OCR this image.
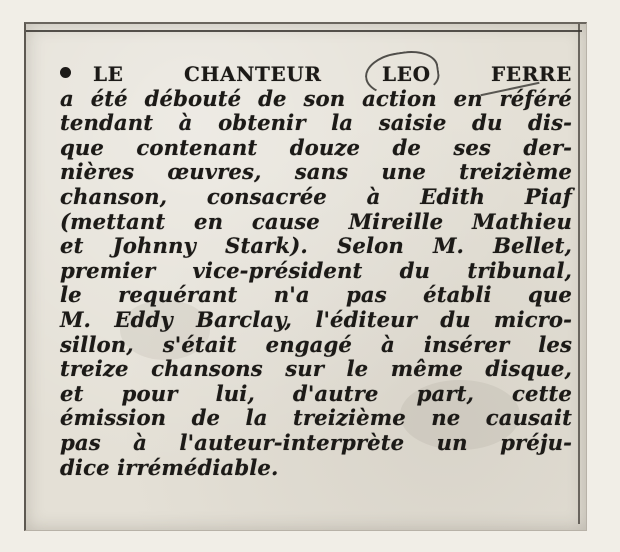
LE CHANTEUR LEO FERRE
a été débouté de son action en référé
tendant à obtenir la saisie du dis-
que contenant douze de ses der-
nières œuvres, sans une treizième
chanson, consacrée à Edith Piaf
(mettant en cause Mireille Mathieu
et Johnny Stark). Selon M. Bellet,
premier vice-président du tribunal,
le requérant n'a pas établi que
M. Eddy Barclay, l'éditeur du micro-
sillon, s'était engagé à insérer les
treize chansons sur le même disque,
et pour lui, d'autre part, cette
émission de la treizième ne causait
pas à l'auteur-interprète un préju-
dice irrémédiable.
